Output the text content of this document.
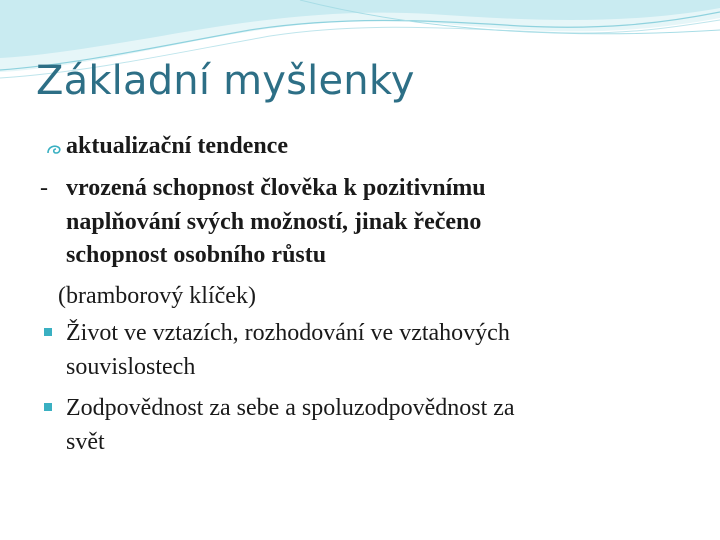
Základní myšlenky
aktualizační tendence
- vrozená schopnost člověka k pozitivnímu
naplňování svých možností, jinak řečeno
schopnost osobního růstu
(bramborový klíček)
Život ve vztazích, rozhodování ve vztahových
souvislostech
Zodpovědnost za sebe a spoluzodpovědnost za
svět
